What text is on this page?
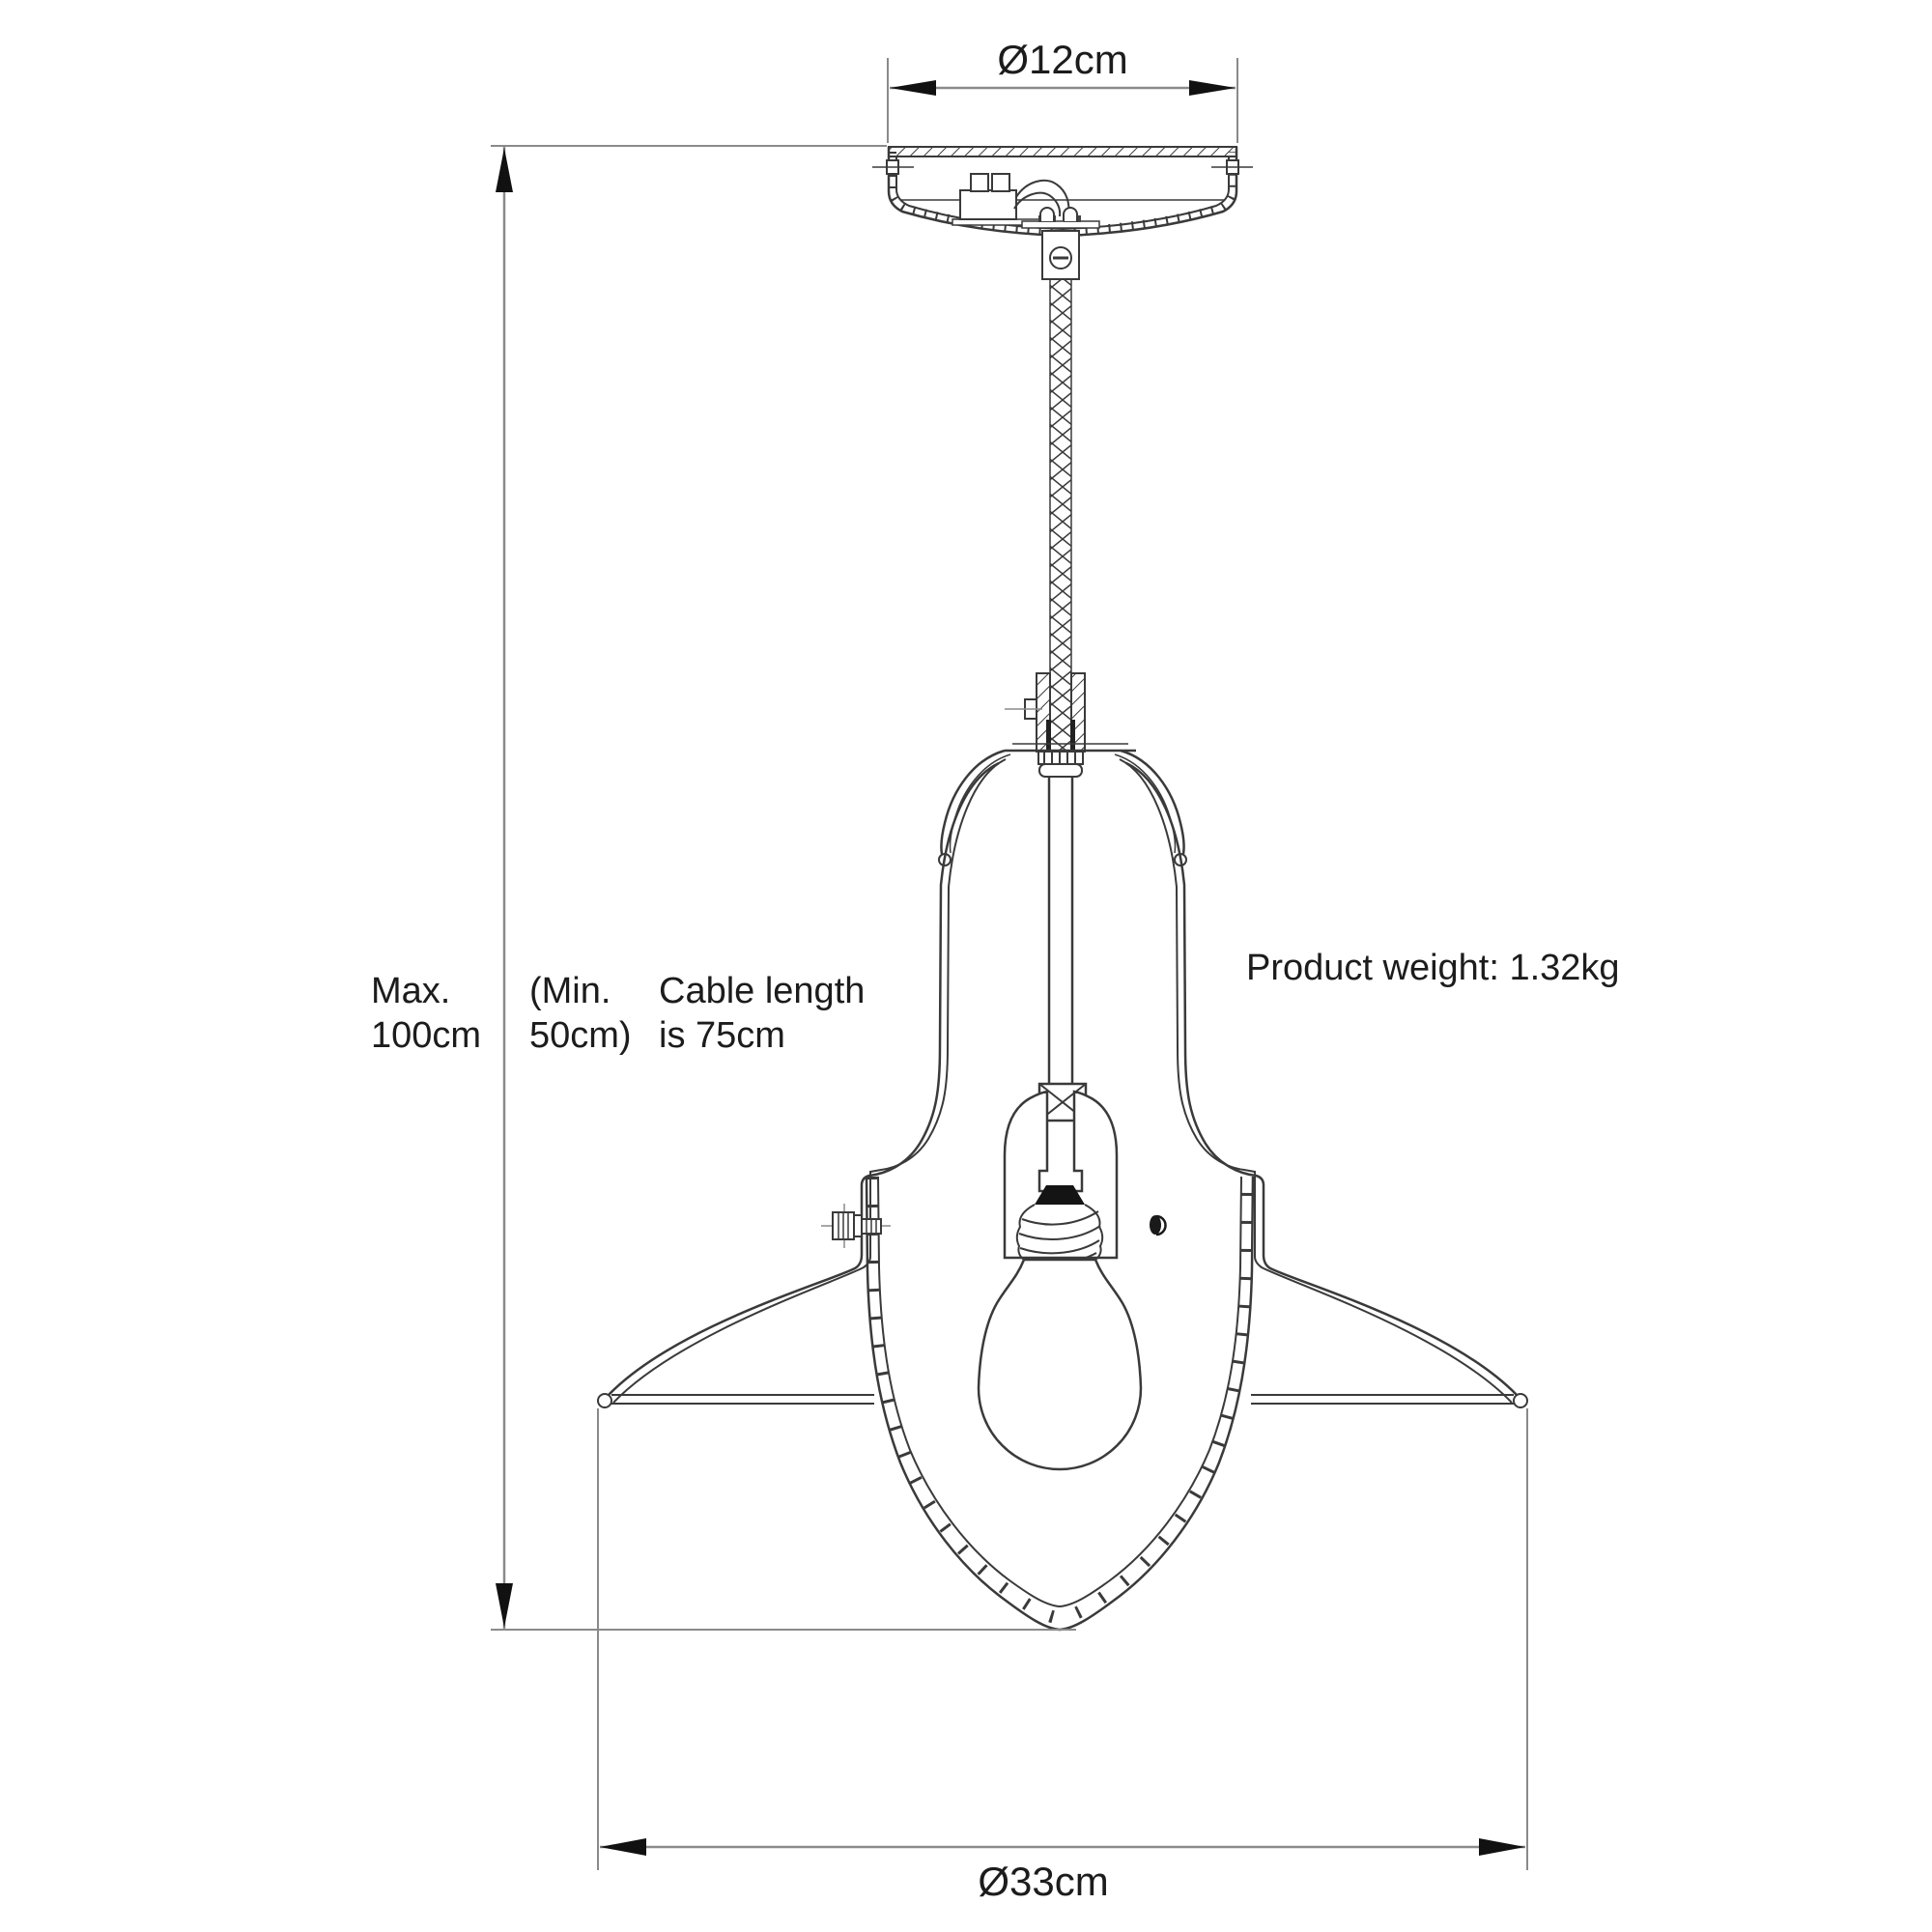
Ø12cm
Max.
100cm
(Min.
50cm)
Cable length
is 75cm
Product weight: 1.32kg
Ø33cm
